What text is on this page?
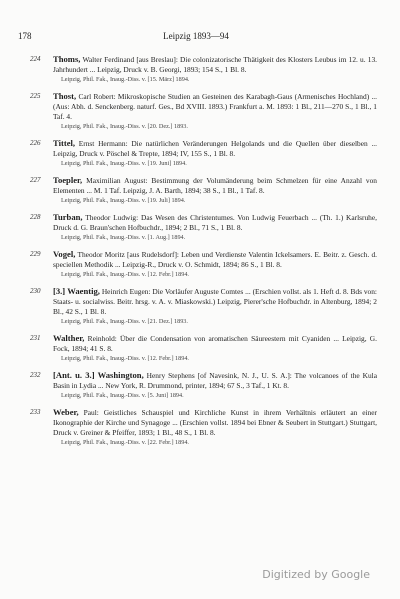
178	Leipzig 1893—94
224 Thoms, Walter Ferdinand [aus Breslau]: Die colonizatorische Thätigkeit des Klosters Leubus im 12. u. 13. Jahrhundert ... Leipzig, Druck v. B. Georgi, 1893; 154 S., 1 Bl. 8.
Leipzig, Phil. Fak., Inaug.-Diss. v. [15. März] 1894.
225 Thost, Carl Robert: Mikroskopische Studien an Gesteinen des Karabagh-Gaus (Armenisches Hochland) ... (Aus: Abh. d. Senckenberg. naturf. Ges., Bd XVIII. 1893.) Frankfurt a. M. 1893: 1 Bl., 211—270 S., 1 Bl., 1 Taf. 4.
Leipzig, Phil. Fak., Inaug.-Diss. v. [20. Dez.] 1893.
226 Tittel, Ernst Hermann: Die natürlichen Veränderungen Helgolands und die Quellen über dieselben ... Leipzig, Druck v. Pöschel & Trepte, 1894; IV, 155 S., 1 Bl. 8.
Leipzig, Phil. Fak., Inaug.-Diss. v. [19. Juni] 1894.
227 Toepler, Maximilian August: Bestimmung der Volumänderung beim Schmelzen für eine Anzahl von Elementen ... M. 1 Taf. Leipzig, J. A. Barth, 1894; 38 S., 1 Bl., 1 Taf. 8.
Leipzig, Phil. Fak., Inaug.-Diss. v. [19. Juli] 1894.
228 Turban, Theodor Ludwig: Das Wesen des Christentumes. Von Ludwig Feuerbach ... (Th. 1.) Karlsruhe, Druck d. G. Braun'schen Hofbuchdr., 1894; 2 Bl., 71 S., 1 Bl. 8.
Leipzig, Phil. Fak., Inaug.-Diss. v. [1. Aug.] 1894.
229 Vogel, Theodor Moritz [aus Rudelsdorf]: Leben und Verdienste Valentin Ickelsamers. E. Beitr. z. Gesch. d. speciellen Methodik ... Leipzig-R., Druck v. O. Schmidt, 1894; 86 S., 1 Bl. 8.
Leipzig, Phil. Fak., Inaug.-Diss. v. [12. Febr.] 1894.
230 [3.] Waentig, Heinrich Eugen: Die Vorläufer Auguste Comtes ... (Erschien vollst. als 1. Heft d. 8. Bds von: Staats- u. socialwiss. Beitr. hrsg. v. A. v. Miaskowski.) Leipzig, Pierer'sche Hofbuchdr. in Altenburg, 1894; 2 Bl., 42 S., 1 Bl. 8.
Leipzig, Phil. Fak., Inaug.-Diss. v. [21. Dez.] 1893.
231 Walther, Reinhold: Über die Condensation von aromatischen Säureestern mit Cyaniden ... Leipzig, G. Fock, 1894; 41 S. 8.
Leipzig, Phil. Fak., Inaug.-Diss. v. [12. Febr.] 1894.
232 [Ant. u. 3.] Washington, Henry Stephens [of Navesink, N. J., U. S. A.]: The volcanoes of the Kula Basin in Lydia ... New York, R. Drummond, printer, 1894; 67 S., 3 Taf., 1 Kt. 8.
Leipzig, Phil. Fak., Inaug.-Diss. v. [5. Juni] 1894.
233 Weber, Paul: Geistliches Schauspiel und Kirchliche Kunst in ihrem Verhältnis erläutert an einer Ikonographie der Kirche und Synagoge ... (Erschien vollst. 1894 bei Ebner & Seubert in Stuttgart.) Stuttgart, Druck v. Greiner & Pfeiffer, 1893; 1 Bl., 48 S., 1 Bl. 8.
Leipzig, Phil. Fak., Inaug.-Diss. v. [22. Febr.] 1894.
Digitized by Google
